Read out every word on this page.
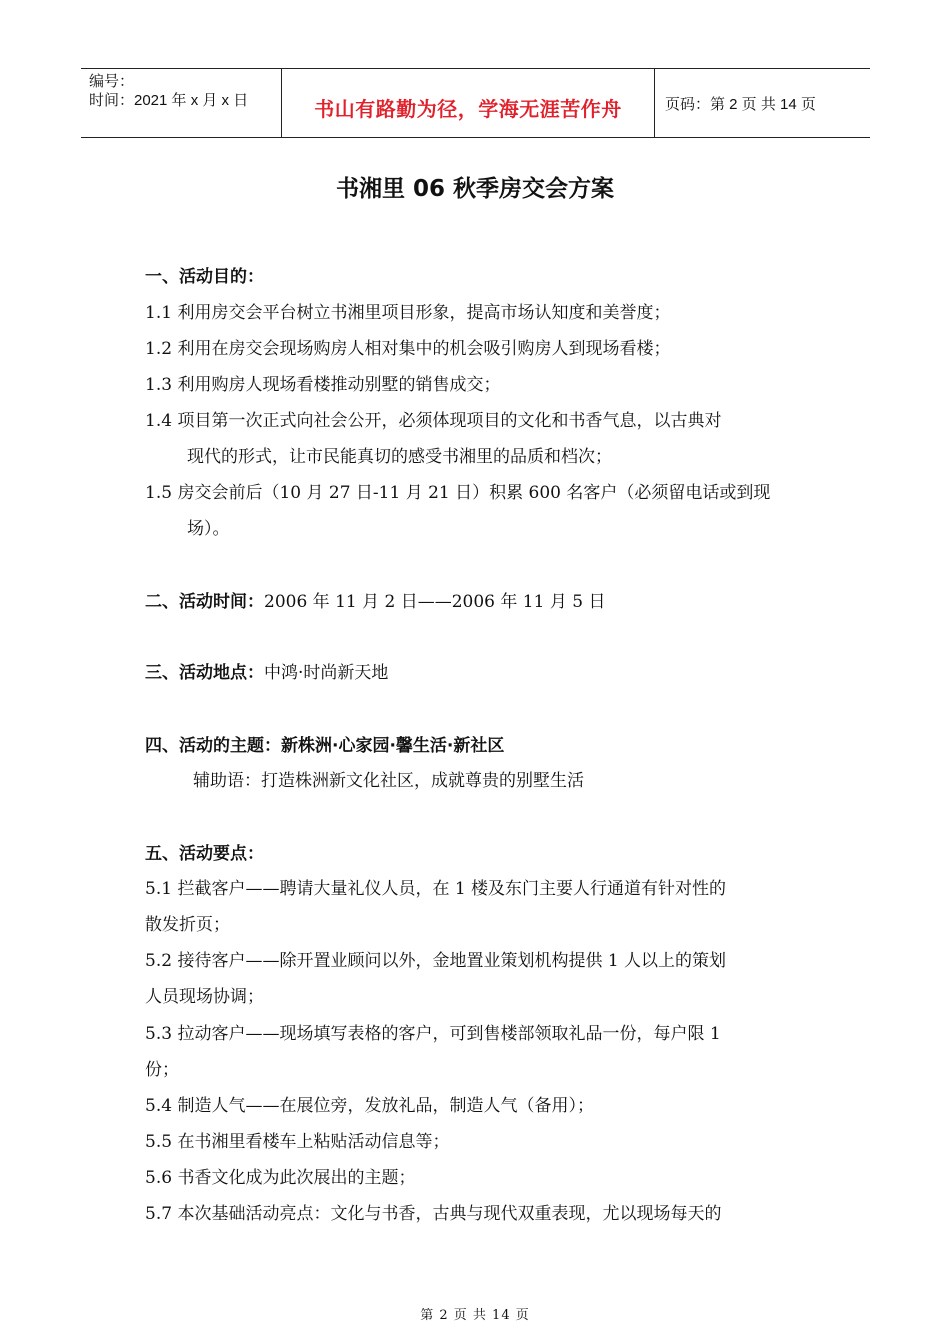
编号：
时间：2021 年 x 月 x 日	书山有路勤为径，学海无涯苦作舟	页码：第 2 页 共 14 页
书湘里 06 秋季房交会方案
一、活动目的：
1.1 利用房交会平台树立书湘里项目形象，提高市场认知度和美誉度；
1.2 利用在房交会现场购房人相对集中的机会吸引购房人到现场看楼；
1.3 利用购房人现场看楼推动别墅的销售成交；
1.4 项目第一次正式向社会公开，必须体现项目的文化和书香气息，以古典对
现代的形式，让市民能真切的感受书湘里的品质和档次；
1.5 房交会前后（10 月 27 日-11 月 21 日）积累 600 名客户（必须留电话或到现
场）。
二、活动时间：2006 年 11 月 2 日——2006 年 11 月 5 日
三、活动地点：中鸿·时尚新天地
四、活动的主题：新株洲·心家园·馨生活·新社区
辅助语：打造株洲新文化社区，成就尊贵的别墅生活
五、活动要点：
5.1 拦截客户——聘请大量礼仪人员，在 1 楼及东门主要人行通道有针对性的
散发折页；
5.2 接待客户——除开置业顾问以外，金地置业策划机构提供 1 人以上的策划
人员现场协调；
5.3 拉动客户——现场填写表格的客户，可到售楼部领取礼品一份，每户限 1
份；
5.4 制造人气——在展位旁，发放礼品，制造人气（备用）；
5.5 在书湘里看楼车上粘贴活动信息等；
5.6 书香文化成为此次展出的主题；
5.7 本次基础活动亮点：文化与书香，古典与现代双重表现，尤以现场每天的
第 2 页 共 14 页
